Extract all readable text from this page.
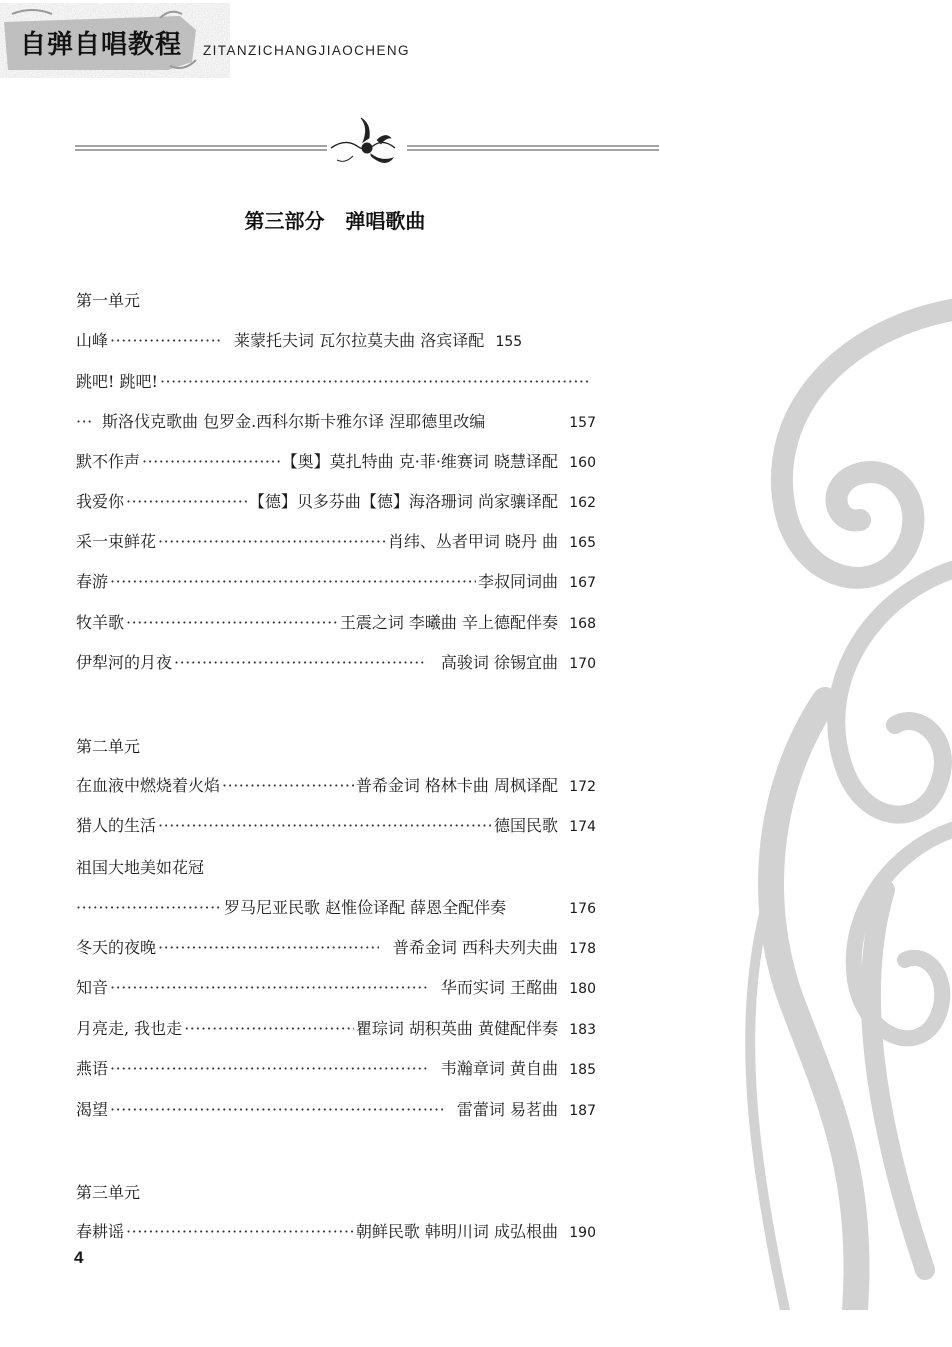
自弹自唱教程 ZITANZICHANGJIAOCHENG
第三部分   弹唱歌曲
第一单元
山峰 ·····	莱蒙托夫词 瓦尔拉莫夫曲 洛宾译配 155
跳吧! 跳吧!
·····
···
斯洛伐克歌曲 包罗金.西科尔斯卡雅尔译 涅耶德里改编	157
默不作声 ·····	【奥】莫扎特曲 克·菲·维赛词 晓慧译配 160
我爱你 ·····	【德】贝多芬曲【德】海洛珊词 尚家骧译配 162
采一束鲜花 ·····	肖纬、丛者甲词 晓丹 曲 165
春游 ·····	李叔同词曲 167
牧羊歌 ·····	王震之词 李曦曲 辛上德配伴奏 168
伊犁河的月夜 ·····	高骏词 徐锡宜曲 170
第二单元
在血液中燃烧着火焰 ·····	普希金词 格林卡曲 周枫译配 172
猎人的生活 ·····	德国民歌 174
祖国大地美如花冠
·····
罗马尼亚民歌 赵惟俭译配 薛恩全配伴奏	176
冬天的夜晚 ·····	普希金词 西科夫列夫曲 178
知音 ·····	华而实词 王酩曲 180
月亮走, 我也走 ·····	瞿琮词 胡积英曲 黄健配伴奏 183
燕语 ·····	韦瀚章词 黄自曲 185
渴望 ·····	雷蕾词 易茗曲 187
第三单元
春耕谣 ·····	朝鲜民歌 韩明川词 成弘根曲 190
4
